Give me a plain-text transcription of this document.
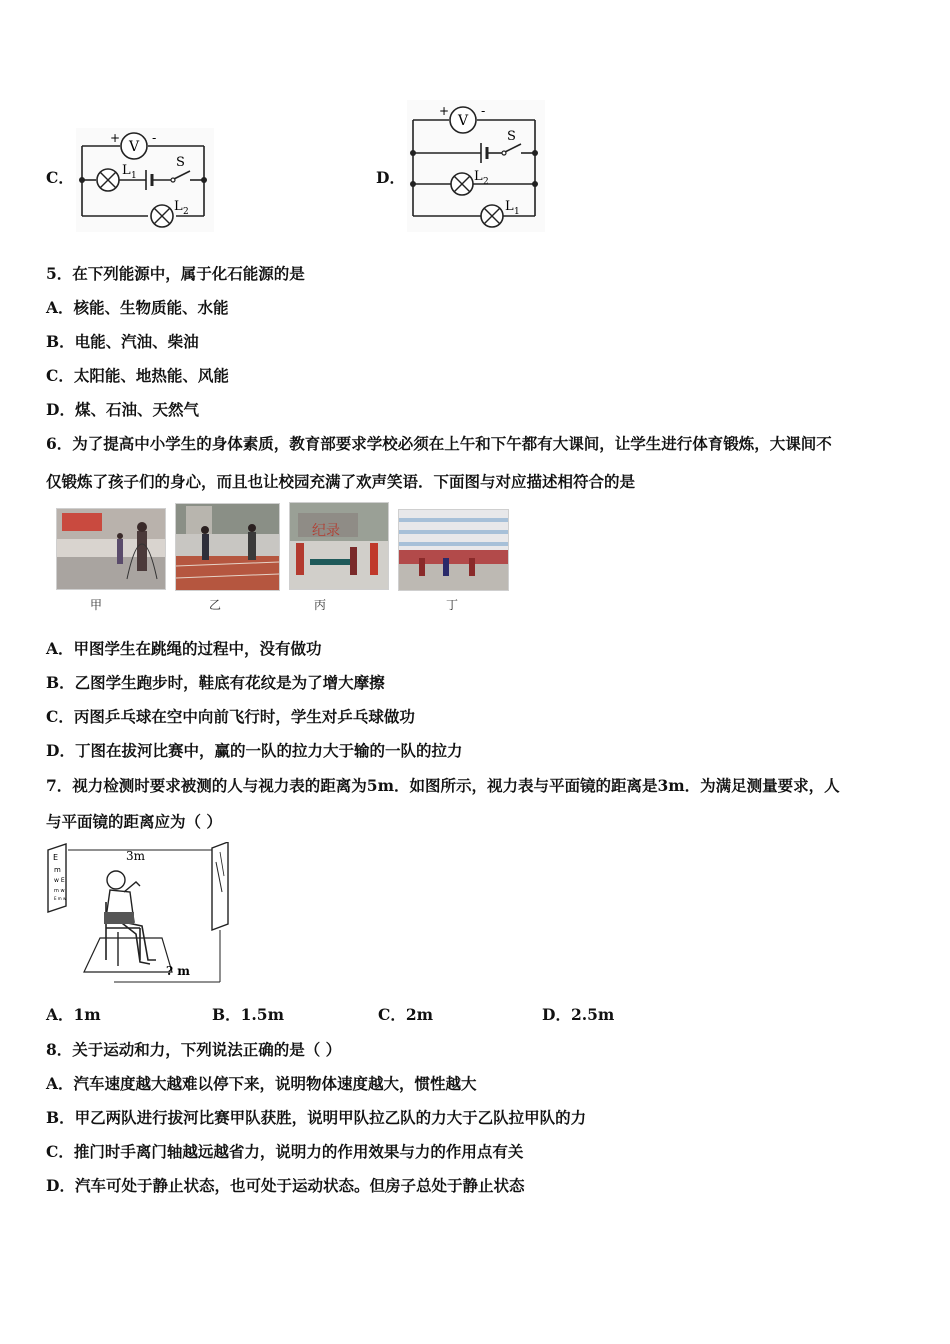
C．
V
+	-
L 1
S
L 2
D．
V
+	-
S
L 2
L 1
5．在下列能源中，属于化石能源的是
A．核能、生物质能、水能
B．电能、汽油、柴油
C．太阳能、地热能、风能
D．煤、石油、天然气
6．为了提高中小学生的身体素质，教育部要求学校必须在上午和下午都有大课间，让学生进行体育锻炼，大课间不
仅锻炼了孩子们的身心，而且也让校园充满了欢声笑语．下面图与对应描述相符合的是
甲	乙
纪录
丙	丁
A．甲图学生在跳绳的过程中，没有做功
B．乙图学生跑步时，鞋底有花纹是为了增大摩擦
C．丙图乒乓球在空中向前飞行时，学生对乒乓球做功
D．丁图在拔河比赛中，赢的一队的拉力大于输的一队的拉力
7．视力检测时要求被测的人与视力表的距离为5m．如图所示，视力表与平面镜的距离是3m．为满足测量要求，人
与平面镜的距离应为（ ）
E
m
w E
m w
E m w
3m
? m
A．1m	B．1.5m	C．2m	D．2.5m
8．关于运动和力，下列说法正确的是（ ）
A．汽车速度越大越难以停下来，说明物体速度越大，惯性越大
B．甲乙两队进行拔河比赛甲队获胜，说明甲队拉乙队的力大于乙队拉甲队的力
C．推门时手离门轴越远越省力，说明力的作用效果与力的作用点有关
D．汽车可处于静止状态，也可处于运动状态。但房子总处于静止状态
